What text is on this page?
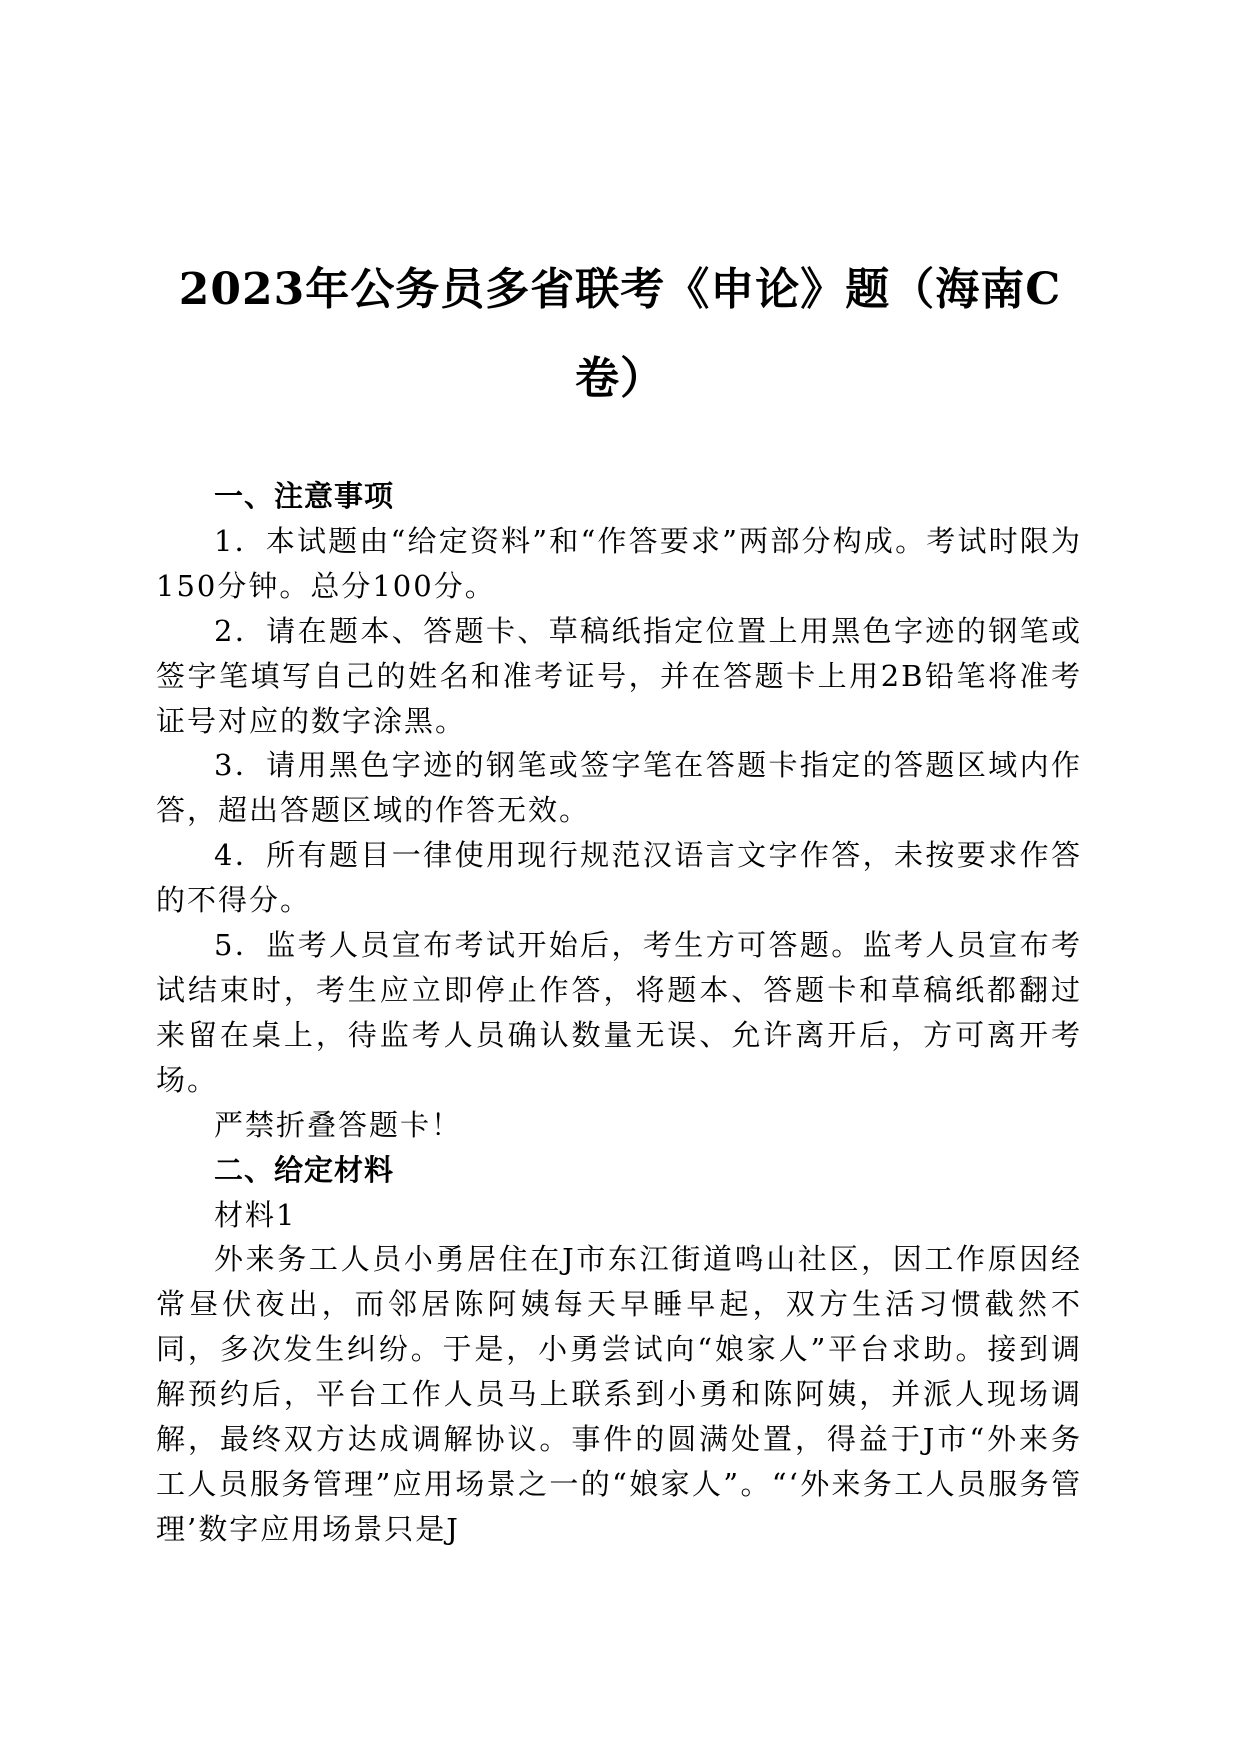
2023年公务员多省联考《申论》题（海南C
卷）

一、注意事项

1．本试题由“给定资料”和“作答要求”两部分构成。考试时限为150分钟。总分100分。

2．请在题本、答题卡、草稿纸指定位置上用黑色字迹的钢笔或签字笔填写自己的姓名和准考证号，并在答题卡上用2B铅笔将准考证号对应的数字涂黑。

3．请用黑色字迹的钢笔或签字笔在答题卡指定的答题区域内作答，超出答题区域的作答无效。

4．所有题目一律使用现行规范汉语言文字作答，未按要求作答的不得分。

5．监考人员宣布考试开始后，考生方可答题。监考人员宣布考试结束时，考生应立即停止作答，将题本、答题卡和草稿纸都翻过来留在桌上，待监考人员确认数量无误、允许离开后，方可离开考场。

严禁折叠答题卡！

二、给定材料

材料1

外来务工人员小勇居住在J市东江街道鸣山社区，因工作原因经常昼伏夜出，而邻居陈阿姨每天早睡早起，双方生活习惯截然不同，多次发生纠纷。于是，小勇尝试向“娘家人”平台求助。接到调解预约后，平台工作人员马上联系到小勇和陈阿姨，并派人现场调解，最终双方达成调解协议。事件的圆满处置，得益于J市“外来务工人员服务管理”应用场景之一的“娘家人”。“‘外来务工人员服务管理’数字应用场景只是J
